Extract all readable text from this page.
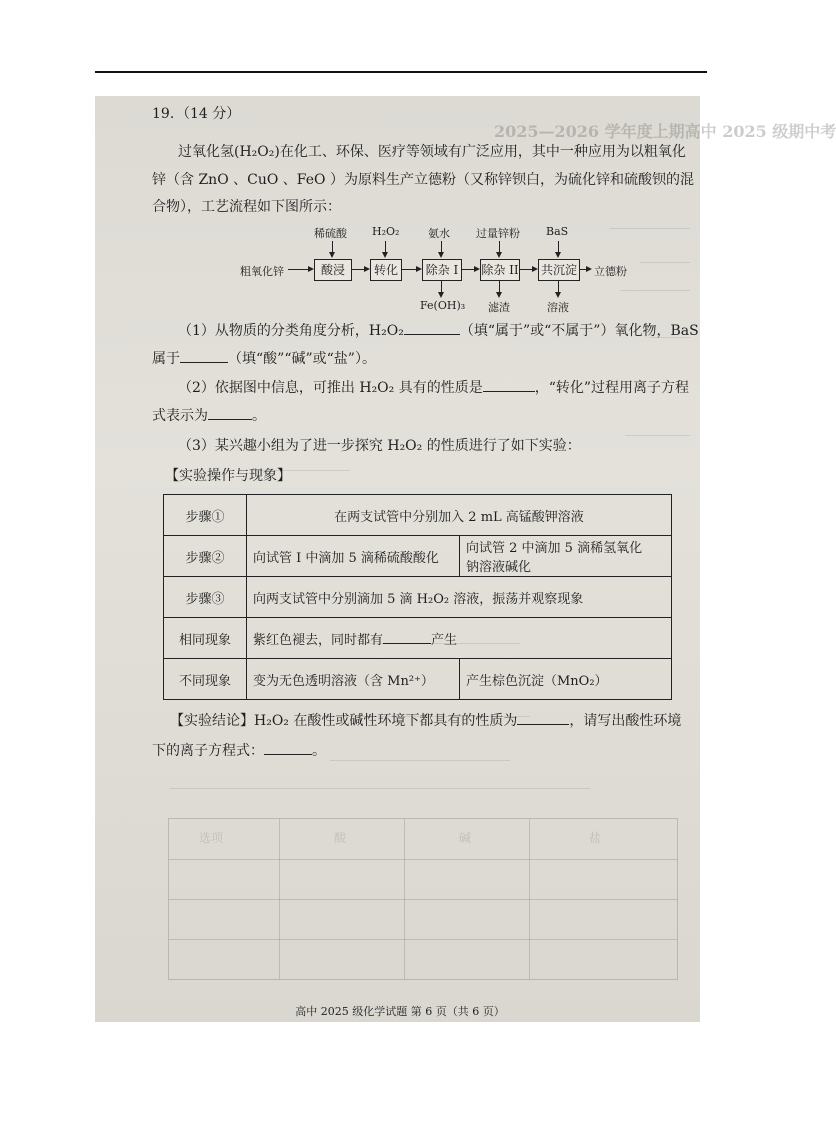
2025—2026 学年度上期高中 2025 级期中考
选项	酸	碱	盐
19. （14 分）
过氧化氢(H₂O₂)在化工、环保、医疗等领域有广泛应用，其中一种应用为以粗氧化
锌（含 ZnO 、CuO 、FeO ）为原料生产立德粉（又称锌钡白，为硫化锌和硫酸钡的混
合物），工艺流程如下图所示：
粗氧化锌	酸浸	转化	除杂 I	除杂 II 共沉淀 立德粉
稀硫酸 H₂O₂	氨水 过量锌粉 BaS
Fe(OH)₃ 滤渣	溶液
（1）从物质的分类角度分析，H₂O₂	（填“属于”或“不属于”）氧化物，BaS
属于	（填“酸”“碱”或“盐”）。
（2）依据图中信息，可推出 H₂O₂ 具有的性质是	，“转化”过程用离子方程
式表示为	。
（3）某兴趣小组为了进一步探究 H₂O₂ 的性质进行了如下实验：
【实验操作与现象】
步骤①	在两支试管中分别加入 2 mL 高锰酸钾溶液	
步骤②	向试管 I 中滴加 5 滴稀硫酸酸化	向试管 2 中滴加 5 滴稀氢氧化
钠溶液碱化

步骤③	向两支试管中分别滴加 5 滴 H₂O₂ 溶液，振荡并观察现象	
相同现象	紫红色褪去，同时都有 产生	
不同现象	变为无色透明溶液（含 Mn²⁺）	产生棕色沉淀（MnO₂）
【实验结论】H₂O₂ 在酸性或碱性环境下都具有的性质为	，请写出酸性环境
下的离子方程式：	。
高中 2025 级化学试题 第 6 页（共 6 页）
